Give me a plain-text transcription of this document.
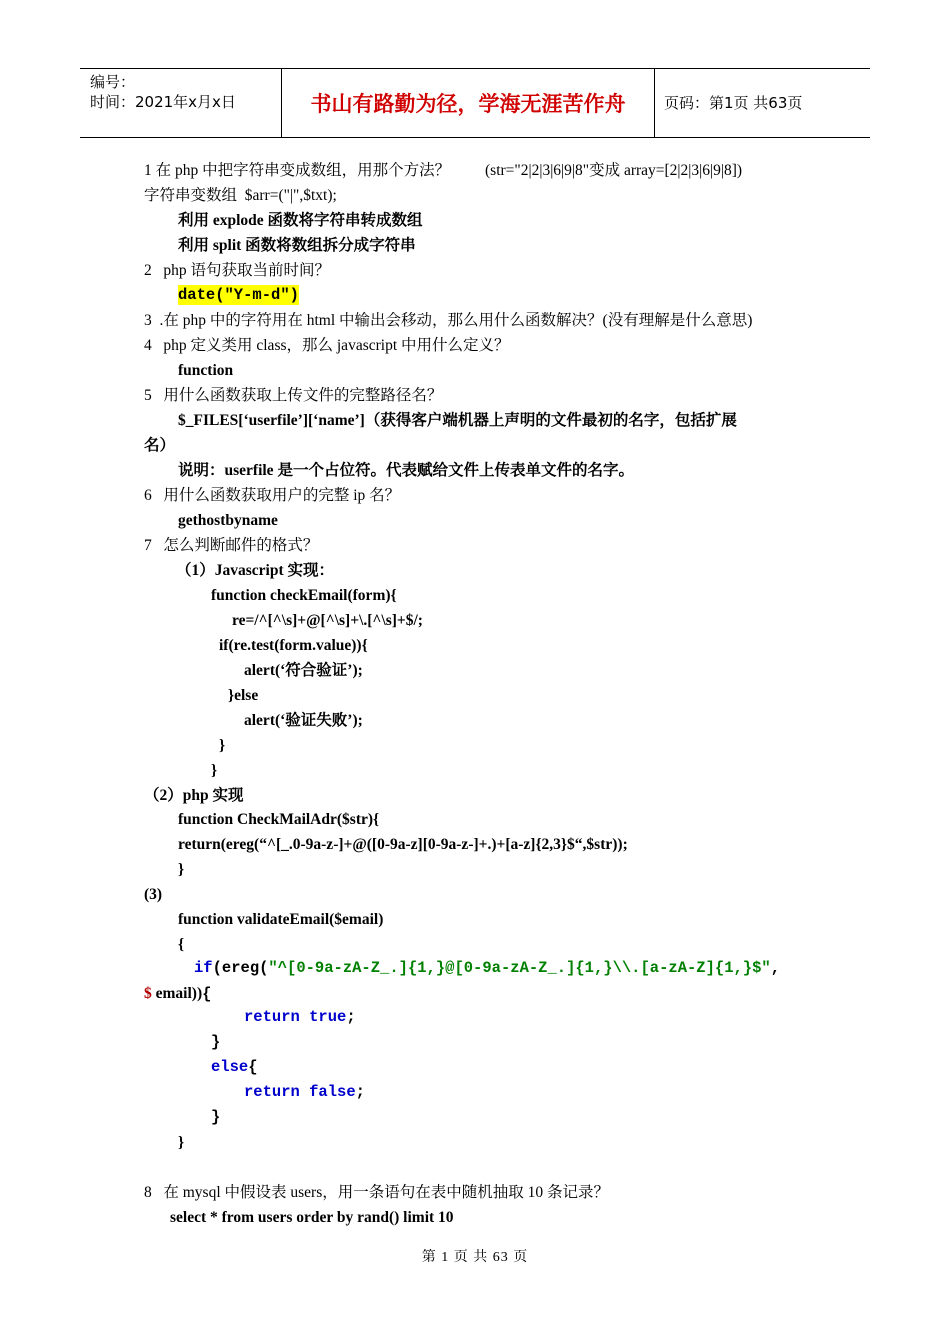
编号：
时间：2021年x月x日	书山有路勤为径，学海无涯苦作舟	页码：第1页 共63页
1 在 php 中把字符串变成数组，用那个方法？         (str="2|2|3|6|9|8"变成 array=[2|2|3|6|9|8])
字符串变数组  $arr=("|",$txt);
利用 explode 函数将字符串转成数组
利用 split 函数将数组拆分成字符串
2   php 语句获取当前时间？
date("Y-m-d")
3  .在 php 中的字符用在 html 中输出会移动，那么用什么函数解决？(没有理解是什么意思)
4   php 定义类用 class，那么 javascript 中用什么定义？
function
5   用什么函数获取上传文件的完整路径名？
$_FILES[‘userfile’][‘name’]（获得客户端机器上声明的文件最初的名字，包括扩展
名）
说明：userfile 是一个占位符。代表赋给文件上传表单文件的名字。
6   用什么函数获取用户的完整 ip 名？
gethostbyname
7   怎么判断邮件的格式？
（1）Javascript 实现：
function checkEmail(form){
re=/^[^\s]+@[^\s]+\.[^\s]+$/;
if(re.test(form.value)){
alert(‘符合验证’);
}else
alert(‘验证失败’);
}
}
（2）php 实现
function CheckMailAdr($str){
return(ereg(“^[_.0-9a-z-]+@([0-9a-z][0-9a-z-]+.)+[a-z]{2,3}$“,$str));
}
(3)
function validateEmail($email)
{
if(ereg("^[0-9a-zA-Z_.]{1,}@[0-9a-zA-Z_.]{1,}\\.[a-zA-Z]{1,}$",
$ email)){
return true;
}
else{
return false;
}
}
8   在 mysql 中假设表 users，用一条语句在表中随机抽取 10 条记录？
select * from users order by rand() limit 10
第 1 页 共 63 页
